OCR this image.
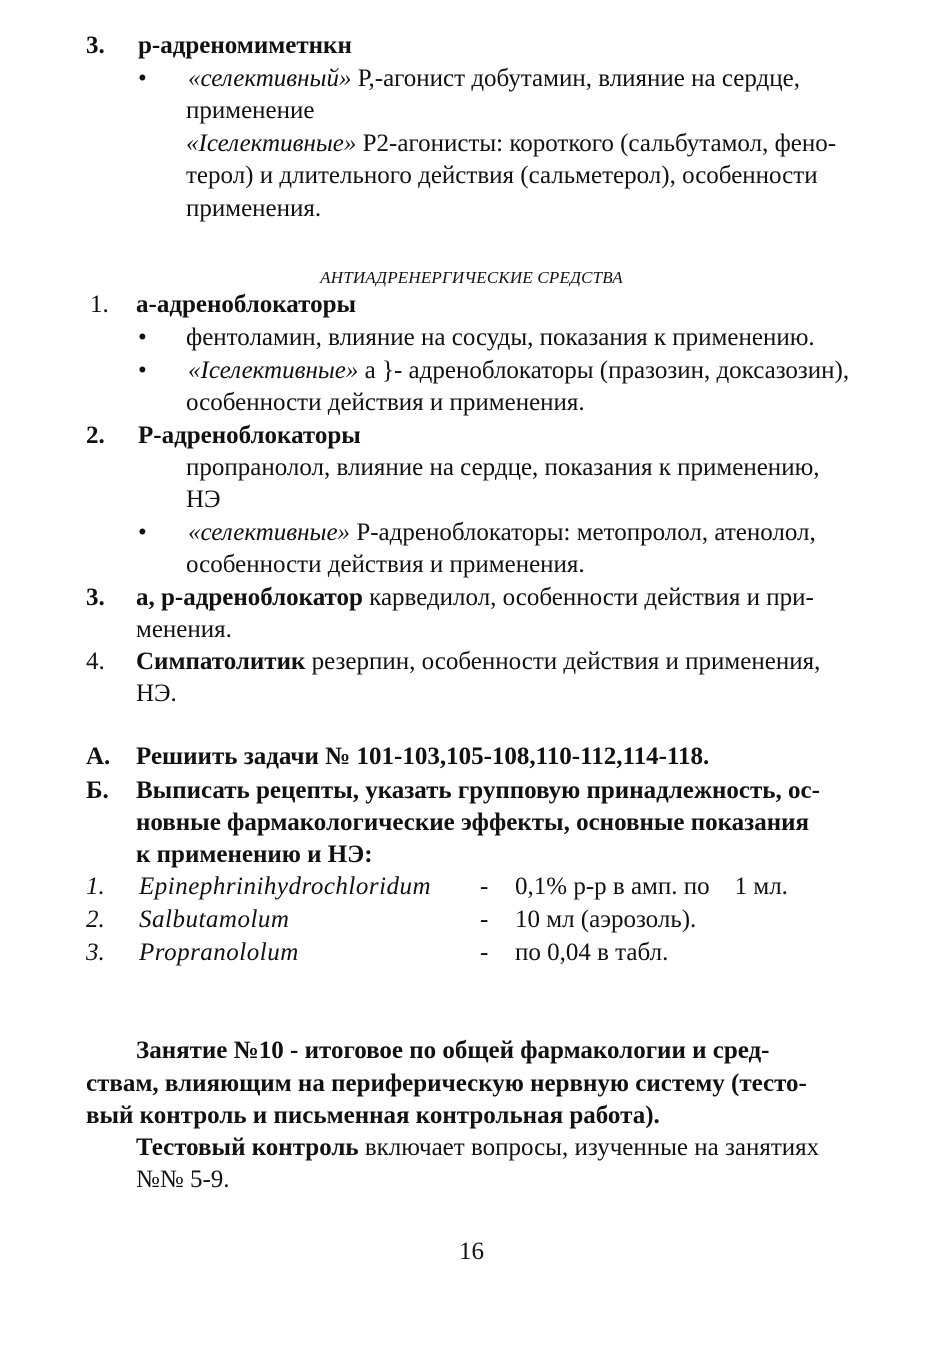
3. р-адреномиметнкн
• «селективный» Р,-агонист добутамин, влияние на сердце,
применение
«Iселективные» Р2-агонисты: короткого (сальбутамол, фено-
терол) и длительного действия (сальметерол), особенности
применения.
АНТИАДРЕНЕРГИЧЕСКИЕ СРЕДСТВА
1. а-адреноблокаторы
• фентоламин, влияние на сосуды, показания к применению.
• «Iселективные» а }- адреноблокаторы (празозин, доксазозин),
особенности действия и применения.
2. Р-адреноблокаторы
пропранолол, влияние на сердце, показания к применению,
НЭ
• «селективные» Р-адреноблокаторы: метопролол, атенолол,
особенности действия и применения.
3. а, р-адреноблокатор карведилол, особенности действия и при-
менения.
4. Симпатолитик резерпин, особенности действия и применения,
НЭ.
А. Решиить задачи № 101-103,105-108,110-112,114-118.
Б. Выписать рецепты, указать групповую принадлежность, ос-
новные фармакологические эффекты, основные показания
к применению и НЭ:
1. Epinephrinihydrochloridum - 0,1% р-р в амп. по    1 мл.
2. Salbutamolum	- 10 мл (аэрозоль).
3. Propranololum	- по 0,04 в табл.
Занятие №10 - итоговое по общей фармакологии и сред-
ствам, влияющим на периферическую нервную систему (тесто-
вый контроль и письменная контрольная работа).
Тестовый контроль включает вопросы, изученные на занятиях
№№ 5-9.
16
